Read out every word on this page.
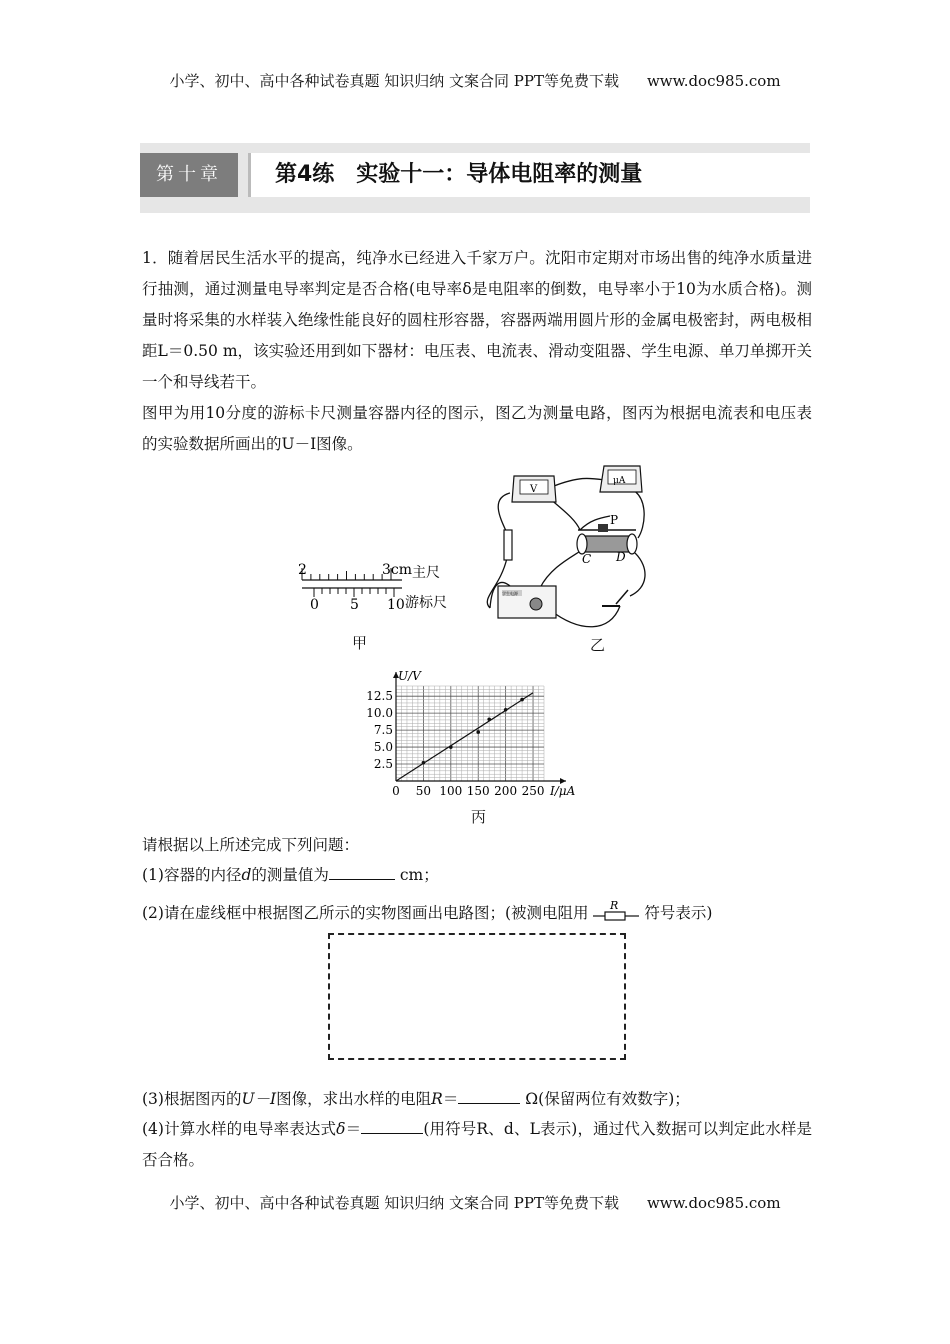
小学、初中、高中各种试卷真题 知识归纳 文案合同 PPT等免费下载 www.doc985.com
第十章	第4练　实验十一：导体电阻率的测量

1．随着居民生活水平的提高，纯净水已经进入千家万户。沈阳市定期对市场出售的纯净水质量进行抽测，通过测量电导率判定是否合格(电导率δ是电阻率的倒数，电导率小于10为水质合格)。测量时将采集的水样装入绝缘性能良好的圆柱形容器，容器两端用圆片形的金属电极密封，两电极相距L＝0.50 m，该实验还用到如下器材：电压表、电流表、滑动变阻器、学生电源、单刀单掷开关一个和导线若干。

图甲为用10分度的游标卡尺测量容器内径的图示，图乙为测量电路，图丙为根据电流表和电压表的实验数据所画出的U－I图像。

2	3cm 主尺
0 5 10 游标尺
甲
V
μA
P
C D
学生电源
乙
0 50 100 150 200 250
2.5
5.0
7.5
10.0
12.5
U/V
I/μA
丙

请根据以上所述完成下列问题：

(1)容器的内径d的测量值为	cm；

(2)请在虚线框中根据图乙所示的实物图画出电路图；(被测电阻用 R 符号表示)

(3)根据图丙的U－I图像，求出水样的电阻R＝	Ω(保留两位有效数字)；

(4)计算水样的电导率表达式δ＝	(用符号R、d、L表示)，通过代入数据可以判定此水样是否合格。

小学、初中、高中各种试卷真题 知识归纳 文案合同 PPT等免费下载 www.doc985.com
